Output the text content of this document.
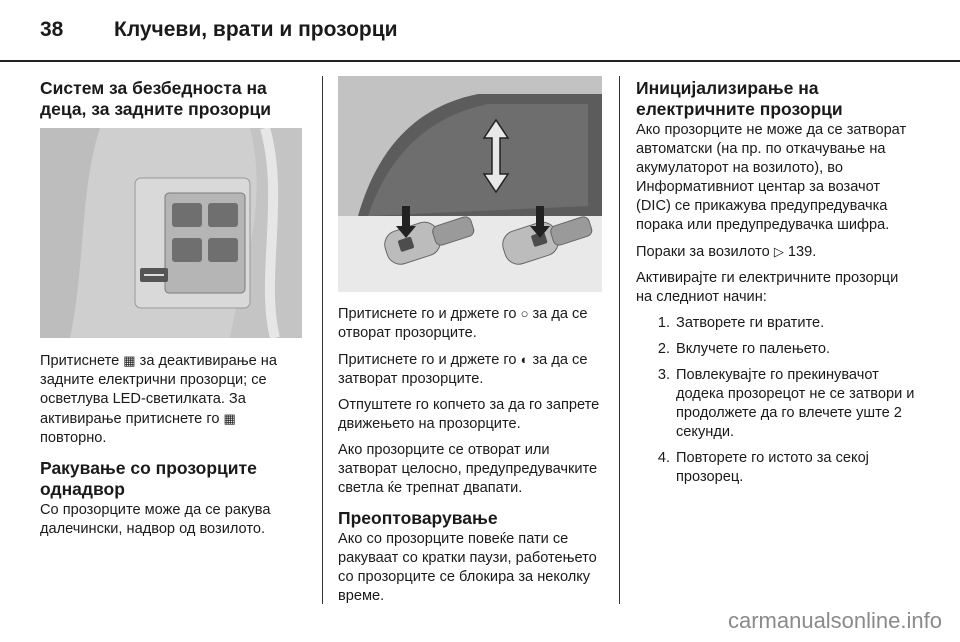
38 Клучеви, врати и прозорци
Систем за безбедноста на деца, за задните прозорци

Притиснете ▦ за деактивирање на задните електрични прозорци; се осветлува LED-светилката. За активирање притиснете го ▦ повторно.

Ракување со прозорците однадвор

Со прозорците може да се ракува далечински, надвор од возилото.

Притиснете го и држете го ○ за да се отворат прозорците.

Притиснете го и држете го ◐ за да се затворат прозорците.

Отпуштете го копчето за да го запрете движењето на прозорците.

Ако прозорците се отворат или затворат целосно, предупредувачките светла ќе трепнат двапати.

Преоптоварување

Ако со прозорците повеќе пати се ракуваат со кратки паузи, работењето со прозорците се блокира за неколку време.

Иницијализирање на електричните прозорци

Ако прозорците не може да се затворат автоматски (на пр. по откачување на акумулаторот на возилото), во Информативниот центар за возачот (DIC) се прикажува предупредувачка порака или предупредувачка шифра.

Пораки за возилото ▷ 139.

Активирајте ги електричните прозорци на следниот начин:

1. Затворете ги вратите.
2. Вклучете го палењето.
3. Повлекувајте го прекинувачот додека прозорецот не се затвори и продолжете да го влечете уште 2 секунди.
4. Повторете го истото за секој прозорец.
carmanualsonline.info
